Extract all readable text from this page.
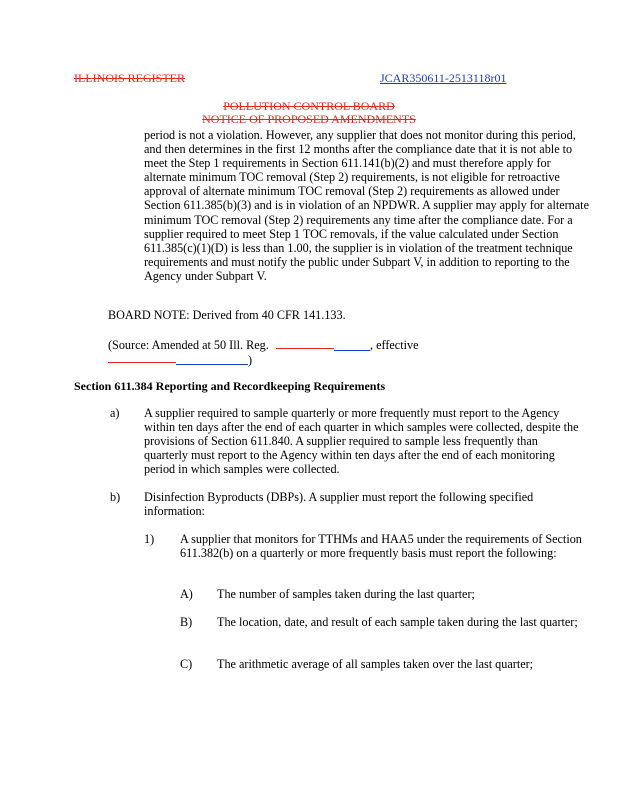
ILLINOIS REGISTER	JCAR350611-2513118r01
POLLUTION CONTROL BOARD
NOTICE OF PROPOSED AMENDMENTS
period is not a violation. However, any supplier that does not monitor during this period, and then determines in the first 12 months after the compliance date that it is not able to meet the Step 1 requirements in Section 611.141(b)(2) and must therefore apply for alternate minimum TOC removal (Step 2) requirements, is not eligible for retroactive approval of alternate minimum TOC removal (Step 2) requirements as allowed under Section 611.385(b)(3) and is in violation of an NPDWR. A supplier may apply for alternate minimum TOC removal (Step 2) requirements any time after the compliance date. For a supplier required to meet Step 1 TOC removals, if the value calculated under Section 611.385(c)(1)(D) is less than 1.00, the supplier is in violation of the treatment technique requirements and must notify the public under Subpart V, in addition to reporting to the Agency under Subpart V.
BOARD NOTE: Derived from 40 CFR 141.133.
(Source: Amended at 50 Ill. Reg.	, effective
)
Section 611.384 Reporting and Recordkeeping Requirements
a) A supplier required to sample quarterly or more frequently must report to the Agency within ten days after the end of each quarter in which samples were collected, despite the provisions of Section 611.840. A supplier required to sample less frequently than quarterly must report to the Agency within ten days after the end of each monitoring period in which samples were collected.
b) Disinfection Byproducts (DBPs). A supplier must report the following specified information:
1) A supplier that monitors for TTHMs and HAA5 under the requirements of Section 611.382(b) on a quarterly or more frequently basis must report the following:
A) The number of samples taken during the last quarter;
B) The location, date, and result of each sample taken during the last quarter;
C) The arithmetic average of all samples taken over the last quarter;
